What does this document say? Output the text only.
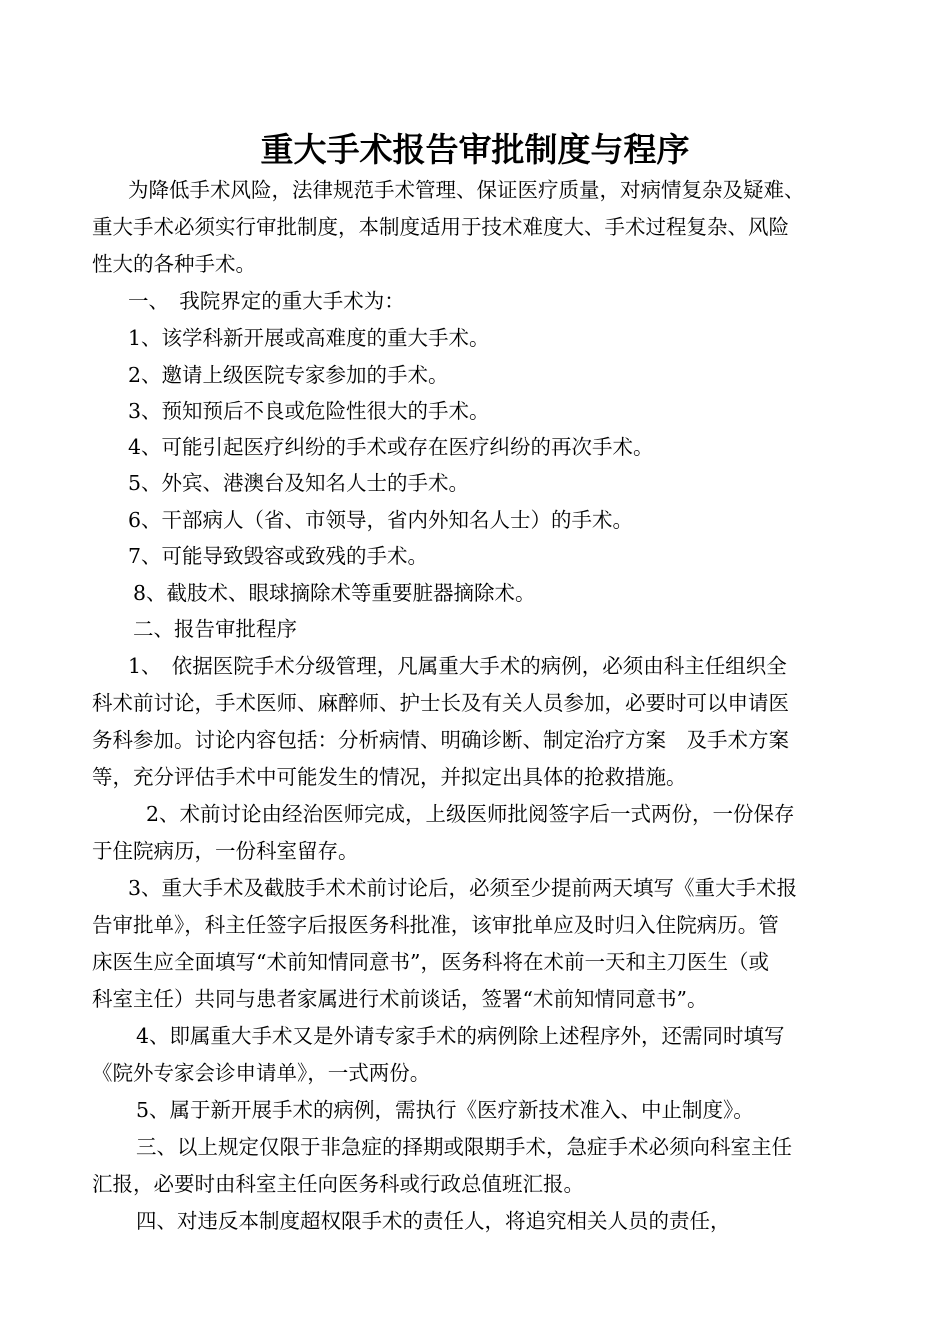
重大手术报告审批制度与程序

为降低手术风险，法律规范手术管理、保证医疗质量，对病情复杂及疑难、

重大手术必须实行审批制度，本制度适用于技术难度大、手术过程复杂、风险

性大的各种手术。

一、　我院界定的重大手术为：

1、该学科新开展或高难度的重大手术。

2、邀请上级医院专家参加的手术。

3、预知预后不良或危险性很大的手术。

4、可能引起医疗纠纷的手术或存在医疗纠纷的再次手术。

5、外宾、港澳台及知名人士的手术。

6、干部病人（省、市领导，省内外知名人士）的手术。

7、可能导致毁容或致残的手术。

8、截肢术、眼球摘除术等重要脏器摘除术。

二、报告审批程序

1、　依据医院手术分级管理，凡属重大手术的病例，必须由科主任组织全

科术前讨论，手术医师、麻醉师、护士长及有关人员参加，必要时可以申请医

务科参加。讨论内容包括：分析病情、明确诊断、制定治疗方案　及手术方案

等，充分评估手术中可能发生的情况，并拟定出具体的抢救措施。

2、术前讨论由经治医师完成，上级医师批阅签字后一式两份，一份保存

于住院病历，一份科室留存。

3、重大手术及截肢手术术前讨论后，必须至少提前两天填写《重大手术报

告审批单》，科主任签字后报医务科批准，该审批单应及时归入住院病历。管

床医生应全面填写“术前知情同意书”，医务科将在术前一天和主刀医生（或

科室主任）共同与患者家属进行术前谈话，签署“术前知情同意书”。

4、即属重大手术又是外请专家手术的病例除上述程序外，还需同时填写

《院外专家会诊申请单》，一式两份。

5、属于新开展手术的病例，需执行《医疗新技术准入、中止制度》。

三、以上规定仅限于非急症的择期或限期手术，急症手术必须向科室主任

汇报，必要时由科室主任向医务科或行政总值班汇报。

四、对违反本制度超权限手术的责任人，将追究相关人员的责任，
